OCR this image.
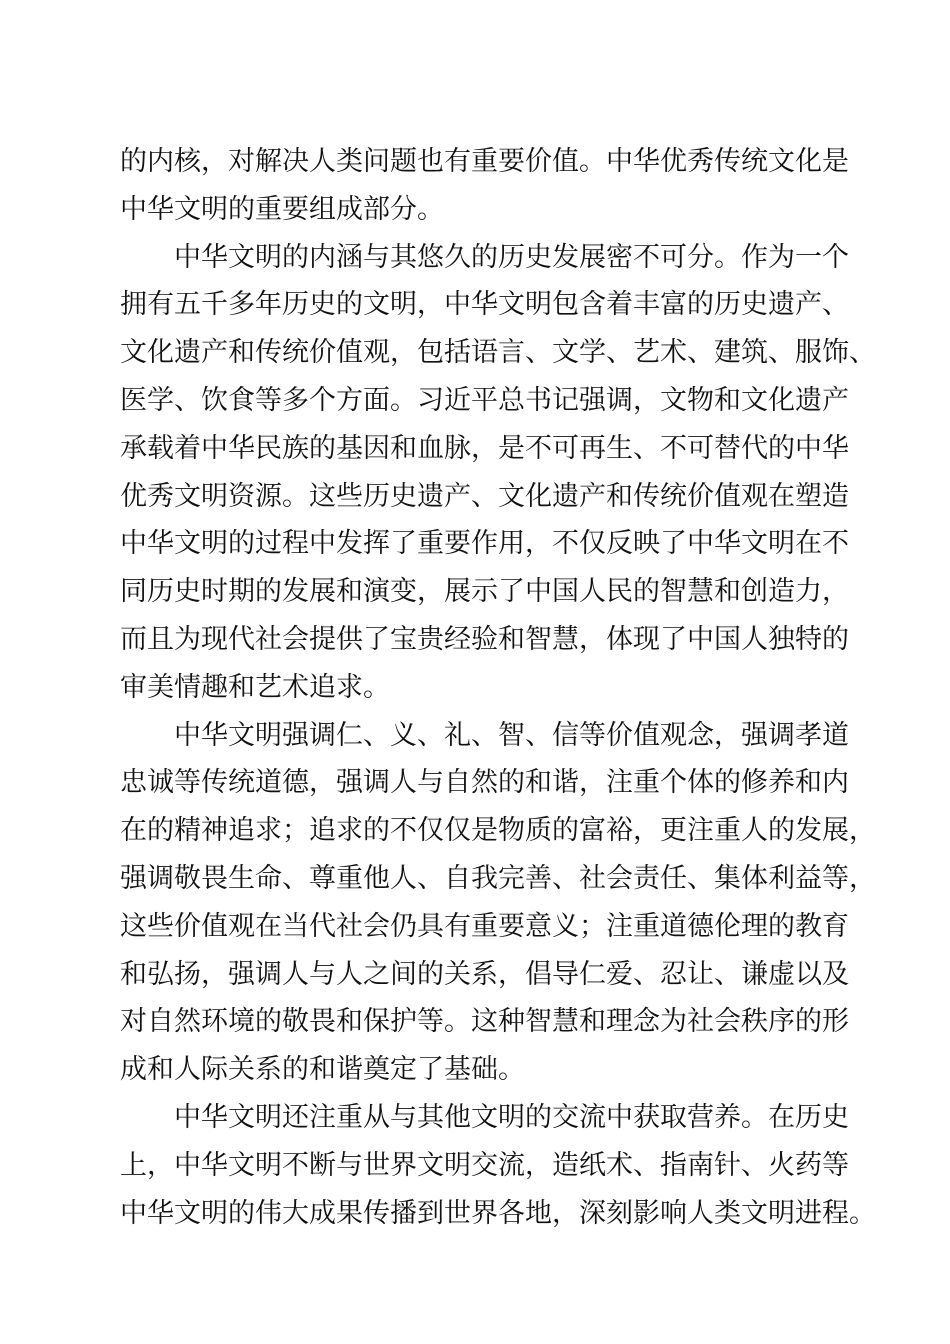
的内核，对解决人类问题也有重要价值。中华优秀传统文化是
中华文明的重要组成部分。
中华文明的内涵与其悠久的历史发展密不可分。作为一个
拥有五千多年历史的文明，中华文明包含着丰富的历史遗产、
文化遗产和传统价值观，包括语言、文学、艺术、建筑、服饰、
医学、饮食等多个方面。习近平总书记强调，文物和文化遗产
承载着中华民族的基因和血脉，是不可再生、不可替代的中华
优秀文明资源。这些历史遗产、文化遗产和传统价值观在塑造
中华文明的过程中发挥了重要作用，不仅反映了中华文明在不
同历史时期的发展和演变，展示了中国人民的智慧和创造力，
而且为现代社会提供了宝贵经验和智慧，体现了中国人独特的
审美情趣和艺术追求。
中华文明强调仁、义、礼、智、信等价值观念，强调孝道
忠诚等传统道德，强调人与自然的和谐，注重个体的修养和内
在的精神追求；追求的不仅仅是物质的富裕，更注重人的发展，
强调敬畏生命、尊重他人、自我完善、社会责任、集体利益等，
这些价值观在当代社会仍具有重要意义；注重道德伦理的教育
和弘扬，强调人与人之间的关系，倡导仁爱、忍让、谦虚以及
对自然环境的敬畏和保护等。这种智慧和理念为社会秩序的形
成和人际关系的和谐奠定了基础。
中华文明还注重从与其他文明的交流中获取营养。在历史
上，中华文明不断与世界文明交流，造纸术、指南针、火药等
中华文明的伟大成果传播到世界各地，深刻影响人类文明进程。
